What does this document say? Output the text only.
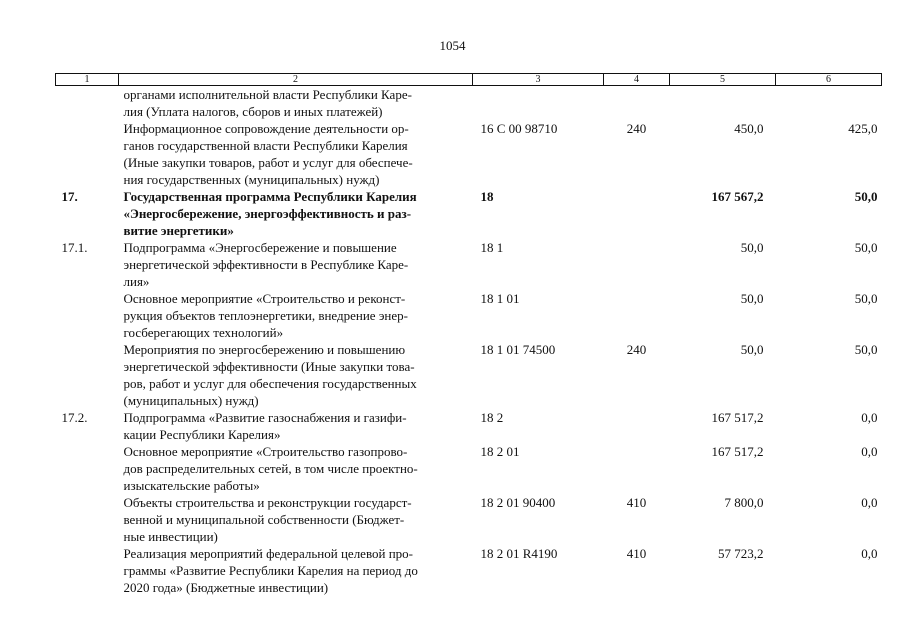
1054
1	2	3	4	5	6
	органами исполнительной власти Республики Каре-
лия (Уплата налогов, сборов и иных платежей)				
	Информационное сопровождение деятельности ор-
ганов государственной власти Республики Карелия
(Иные закупки товаров, работ и услуг для обеспече-
ния государственных (муниципальных) нужд)	16 С 00 98710	240	450,0	425,0
17.	Государственная программа Республики Карелия
«Энергосбережение, энергоэффективность и раз-
витие энергетики»	18		167 567,2	50,0
17.1.	Подпрограмма «Энергосбережение и повышение
энергетической эффективности в Республике Каре-
лия»	18 1		50,0	50,0
	Основное мероприятие «Строительство и реконст-
рукция объектов теплоэнергетики, внедрение энер-
госберегающих технологий»	18 1 01		50,0	50,0
	Мероприятия по энергосбережению и повышению
энергетической эффективности (Иные закупки това-
ров, работ и услуг для обеспечения государственных
(муниципальных) нужд)	18 1 01 74500	240	50,0	50,0
17.2.	Подпрограмма «Развитие газоснабжения и газифи-
кации Республики Карелия»	18 2		167 517,2	0,0
	Основное мероприятие «Строительство газопрово-
дов распределительных сетей, в том числе проектно-
изыскательские работы»	18 2 01		167 517,2	0,0
	Объекты строительства и реконструкции государст-
венной и муниципальной собственности (Бюджет-
ные инвестиции)	18 2 01 90400	410	7 800,0	0,0
	Реализация мероприятий федеральной целевой про-
граммы «Развитие Республики Карелия на период до
2020 года» (Бюджетные инвестиции)	18 2 01 R4190	410	57 723,2	0,0
